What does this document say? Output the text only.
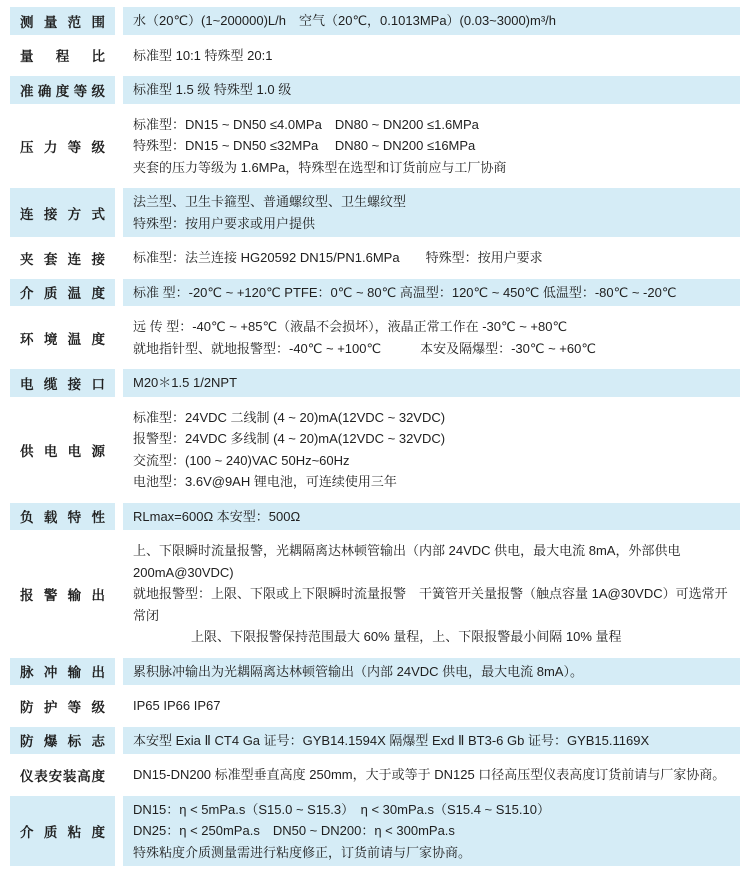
测量范围 水（20℃）(1~200000)L/h　空气（20℃，0.1013MPa）(0.03~3000)m³/h
量程比 标准型 10:1 特殊型 20:1
准确度等级 标准型 1.5 级 特殊型 1.0 级
压力等级
标准型：DN15 ~ DN50 ≤4.0MPa　DN80 ~ DN200 ≤1.6MPa
特殊型：DN15 ~ DN50 ≤32MPa　 DN80 ~ DN200 ≤16MPa
夹套的压力等级为 1.6MPa，特殊型在选型和订货前应与工厂协商
连接方式
法兰型、卫生卡箍型、普通螺纹型、卫生螺纹型
特殊型：按用户要求或用户提供
夹套连接 标准型：法兰连接 HG20592 DN15/PN1.6MPa　　特殊型：按用户要求
介质温度 标准 型：-20℃ ~ +120℃ PTFE：0℃ ~ 80℃ 高温型：120℃ ~ 450℃ 低温型：-80℃ ~ -20℃
环境温度
远 传 型：-40℃ ~ +85℃（液晶不会损坏），液晶正常工作在 -30℃ ~ +80℃
就地指针型、就地报警型：-40℃ ~ +100℃　　　本安及隔爆型：-30℃ ~ +60℃
电缆接口 M20＊1.5 1/2NPT
供电电源
标准型：24VDC 二线制 (4 ~ 20)mA(12VDC ~ 32VDC)
报警型：24VDC 多线制 (4 ~ 20)mA(12VDC ~ 32VDC)
交流型：(100 ~ 240)VAC 50Hz~60Hz
电池型：3.6V@9AH 锂电池，可连续使用三年
负载特性 RLmax=600Ω 本安型：500Ω
报警输出
上、下限瞬时流量报警，光耦隔离达林顿管输出（内部 24VDC 供电，最大电流 8mA，外部供电 200mA@30VDC)
就地报警型：上限、下限或上下限瞬时流量报警　干簧管开关量报警（触点容量 1A@30VDC）可选常开常闭
上限、下限报警保持范围最大 60% 量程，上、下限报警最小间隔 10% 量程
脉冲输出 累积脉冲输出为光耦隔离达林顿管输出（内部 24VDC 供电，最大电流 8mA）。
防护等级 IP65 IP66 IP67
防爆标志 本安型 Exia Ⅱ CT4 Ga 证号：GYB14.1594X 隔爆型 Exd Ⅱ BT3-6 Gb 证号：GYB15.1169X
仪表安装高度 DN15-DN200 标准型垂直高度 250mm，大于或等于 DN125 口径高压型仪表高度订货前请与厂家协商。
介质粘度
DN15：η < 5mPa.s（S15.0 ~ S15.3）　η < 30mPa.s（S15.4 ~ S15.10）
DN25：η < 250mPa.s　DN50 ~ DN200：η < 300mPa.s
特殊粘度介质测量需进行粘度修正，订货前请与厂家协商。
